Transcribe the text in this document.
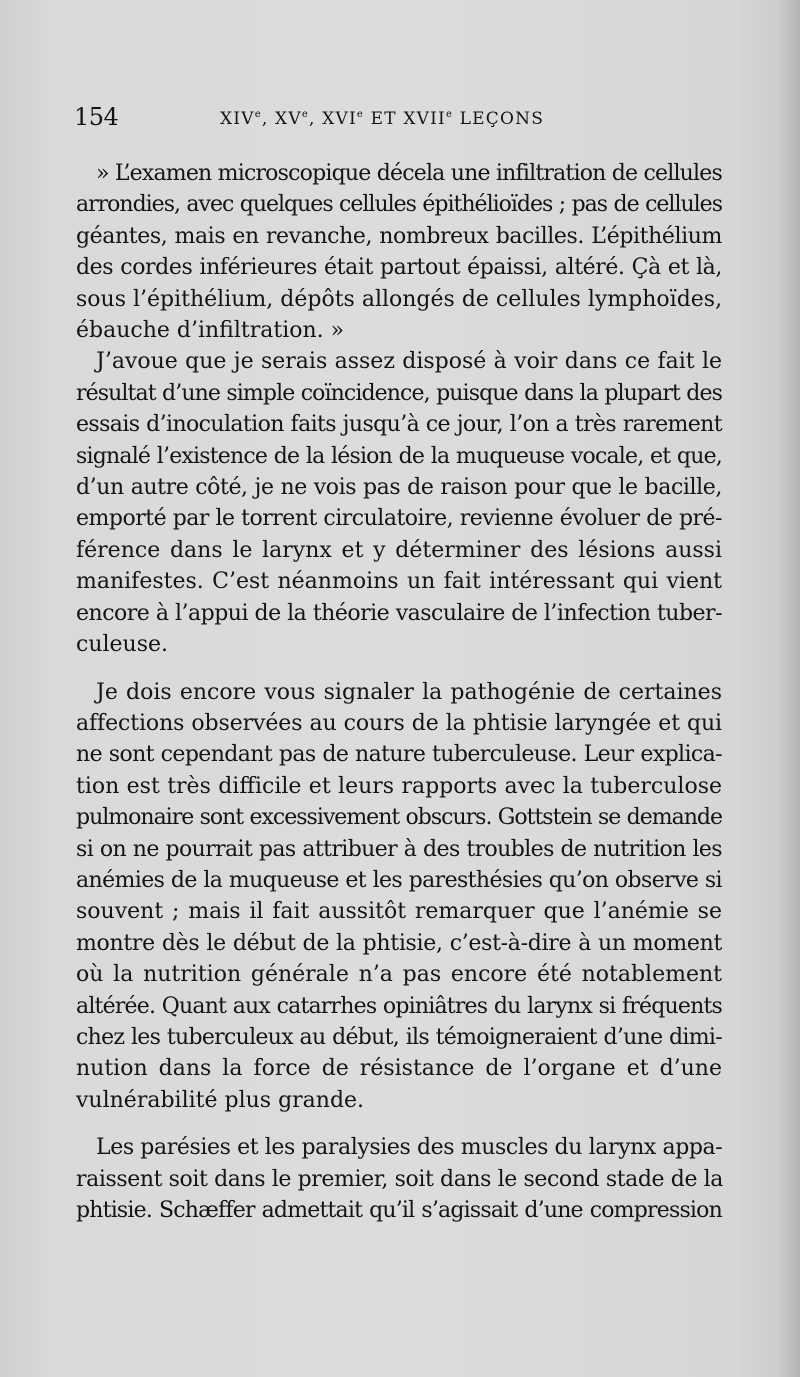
154	XIVe, XVe, XVIe ET XVIIe LEÇONS
» L’examen microscopique décela une infiltration de cellules
arrondies, avec quelques cellules épithélioïdes ; pas de cellules
géantes, mais en revanche, nombreux bacilles. L’épithélium
des cordes inférieures était partout épaissi, altéré. Çà et là,
sous l’épithélium, dépôts allongés de cellules lymphoïdes,
ébauche d’infiltration. »
J’avoue que je serais assez disposé à voir dans ce fait le
résultat d’une simple coïncidence, puisque dans la plupart des
essais d’inoculation faits jusqu’à ce jour, l’on a très rarement
signalé l’existence de la lésion de la muqueuse vocale, et que,
d’un autre côté, je ne vois pas de raison pour que le bacille,
emporté par le torrent circulatoire, revienne évoluer de pré-
férence dans le larynx et y déterminer des lésions aussi
manifestes. C’est néanmoins un fait intéressant qui vient
encore à l’appui de la théorie vasculaire de l’infection tuber-
culeuse.
Je dois encore vous signaler la pathogénie de certaines
affections observées au cours de la phtisie laryngée et qui
ne sont cependant pas de nature tuberculeuse. Leur explica-
tion est très difficile et leurs rapports avec la tuberculose
pulmonaire sont excessivement obscurs. Gottstein se demande
si on ne pourrait pas attribuer à des troubles de nutrition les
anémies de la muqueuse et les paresthésies qu’on observe si
souvent ; mais il fait aussitôt remarquer que l’anémie se
montre dès le début de la phtisie, c’est-à-dire à un moment
où la nutrition générale n’a pas encore été notablement
altérée. Quant aux catarrhes opiniâtres du larynx si fréquents
chez les tuberculeux au début, ils témoigneraient d’une dimi-
nution dans la force de résistance de l’organe et d’une
vulnérabilité plus grande.
Les parésies et les paralysies des muscles du larynx appa-
raissent soit dans le premier, soit dans le second stade de la
phtisie. Schæffer admettait qu’il s’agissait d’une compression
